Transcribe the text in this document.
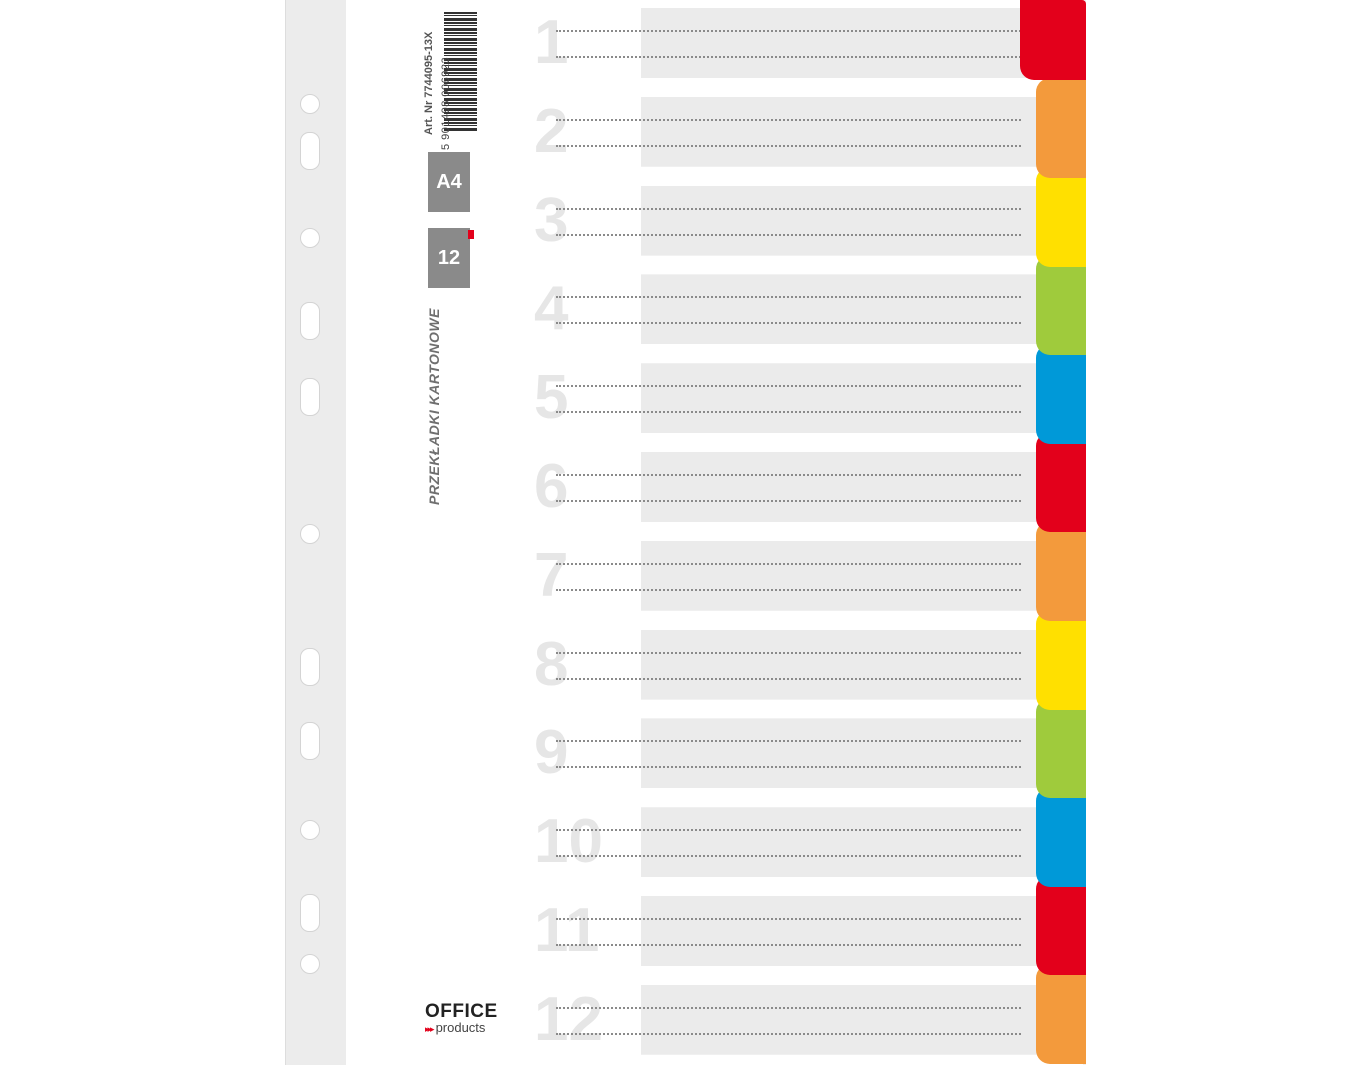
5 901498 006923
Art. Nr 7744095-13X
A4
12
PRZEKŁADKI KARTONOWE
OFFICE
▸▸▸ products
1
2
3
4
5
6
7
8
9
10
11
12
